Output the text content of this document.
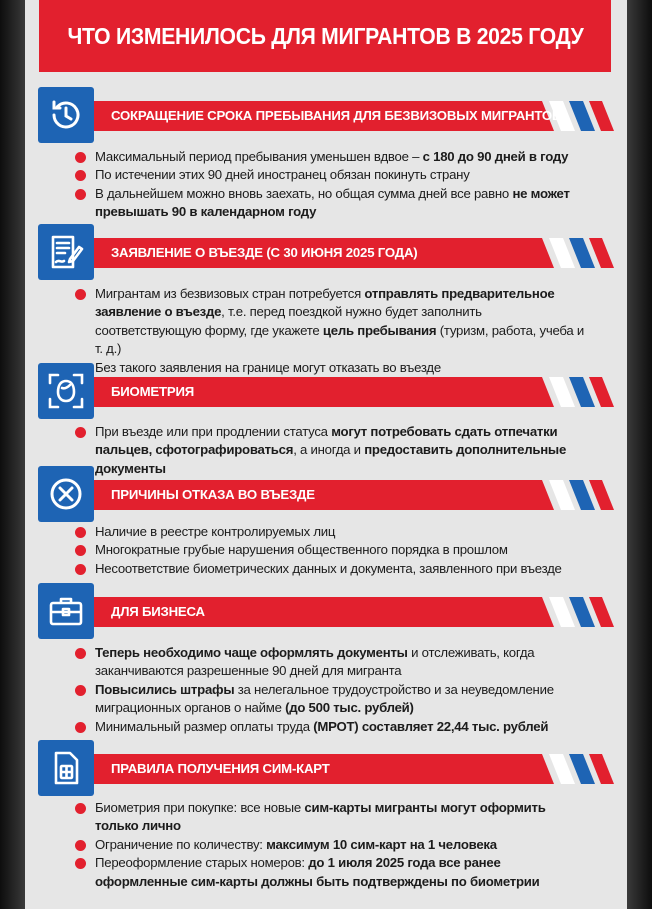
ЧТО ИЗМЕНИЛОСЬ ДЛЯ МИГРАНТОВ В 2025 ГОДУ
СОКРАЩЕНИЕ СРОКА ПРЕБЫВАНИЯ ДЛЯ БЕЗВИЗОВЫХ МИГРАНТОВ
Максимальный период пребывания уменьшен вдвое – с 180 до 90 дней в году
По истечении этих 90 дней иностранец обязан покинуть страну
В дальнейшем можно вновь заехать, но общая сумма дней все равно не может превышать 90 в календарном году
ЗАЯВЛЕНИЕ О ВЪЕЗДЕ (С 30 ИЮНЯ 2025 ГОДА)
Мигрантам из безвизовых стран потребуется отправлять предварительное заявление о въезде, т.е. перед поездкой нужно будет заполнить соответствующую форму, где укажете цель пребывания (туризм, работа, учеба и т. д.)
Без такого заявления на границе могут отказать во въезде
БИОМЕТРИЯ
При въезде или при продлении статуса могут потребовать сдать отпечатки пальцев, сфотографироваться, а иногда и предоставить дополнительные документы
ПРИЧИНЫ ОТКАЗА ВО ВЪЕЗДЕ
Наличие в реестре контролируемых лиц
Многократные грубые нарушения общественного порядка в прошлом
Несоответствие биометрических данных и документа, заявленного при въезде
ДЛЯ БИЗНЕСА
Теперь необходимо чаще оформлять документы и отслеживать, когда заканчиваются разрешенные 90 дней для мигранта
Повысились штрафы за нелегальное трудоустройство и за неуведомление миграционных органов о найме (до 500 тыс. рублей)
Минимальный размер оплаты труда (МРОТ) составляет 22,44 тыс. рублей
ПРАВИЛА ПОЛУЧЕНИЯ СИМ-КАРТ
Биометрия при покупке: все новые сим-карты мигранты могут оформить только лично
Ограничение по количеству: максимум 10 сим-карт на 1 человека
Переоформление старых номеров: до 1 июля 2025 года все ранее оформленные сим-карты должны быть подтверждены по биометрии
